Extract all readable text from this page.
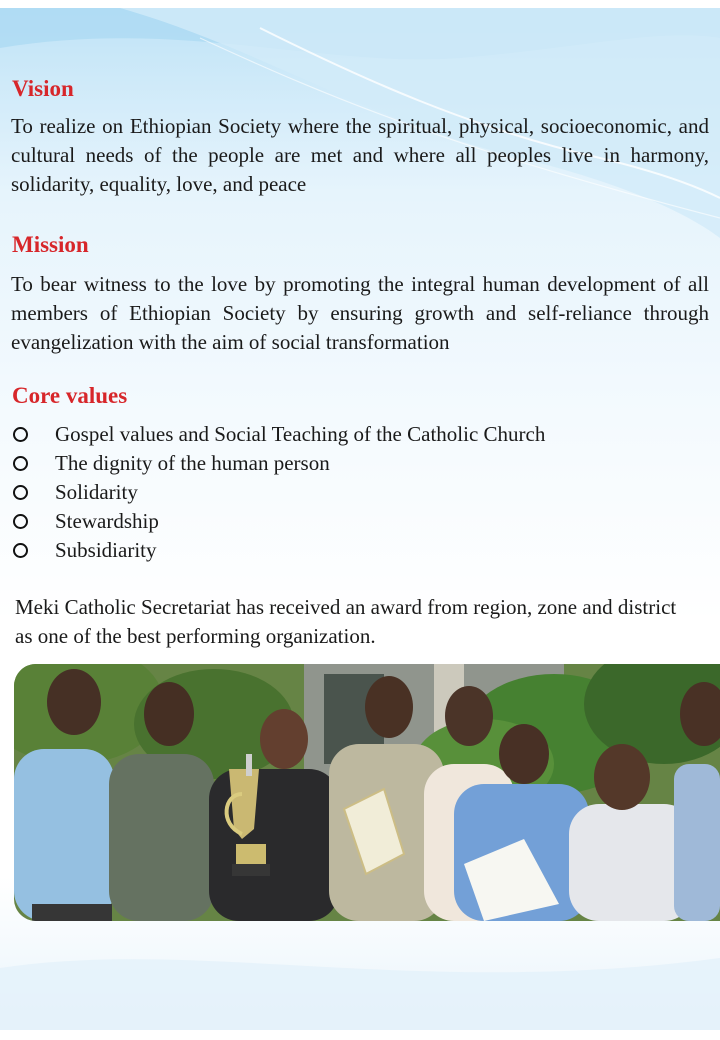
Vision

To realize on Ethiopian Society where the spiritual, physical, socioeconomic, and cultural needs of the people are met and where all peoples live in harmony, solidarity, equality, love, and peace

Mission

To bear witness to the love by promoting the integral human development of all members of Ethiopian Society by ensuring growth and self-reliance through evangelization with the aim of social transformation

Core values
Gospel values and Social Teaching of the Catholic Church
The dignity of the human person
Solidarity
Stewardship
Subsidiarity

Meki Catholic Secretariat has received an award from region, zone and district
as one of the best performing organization.
